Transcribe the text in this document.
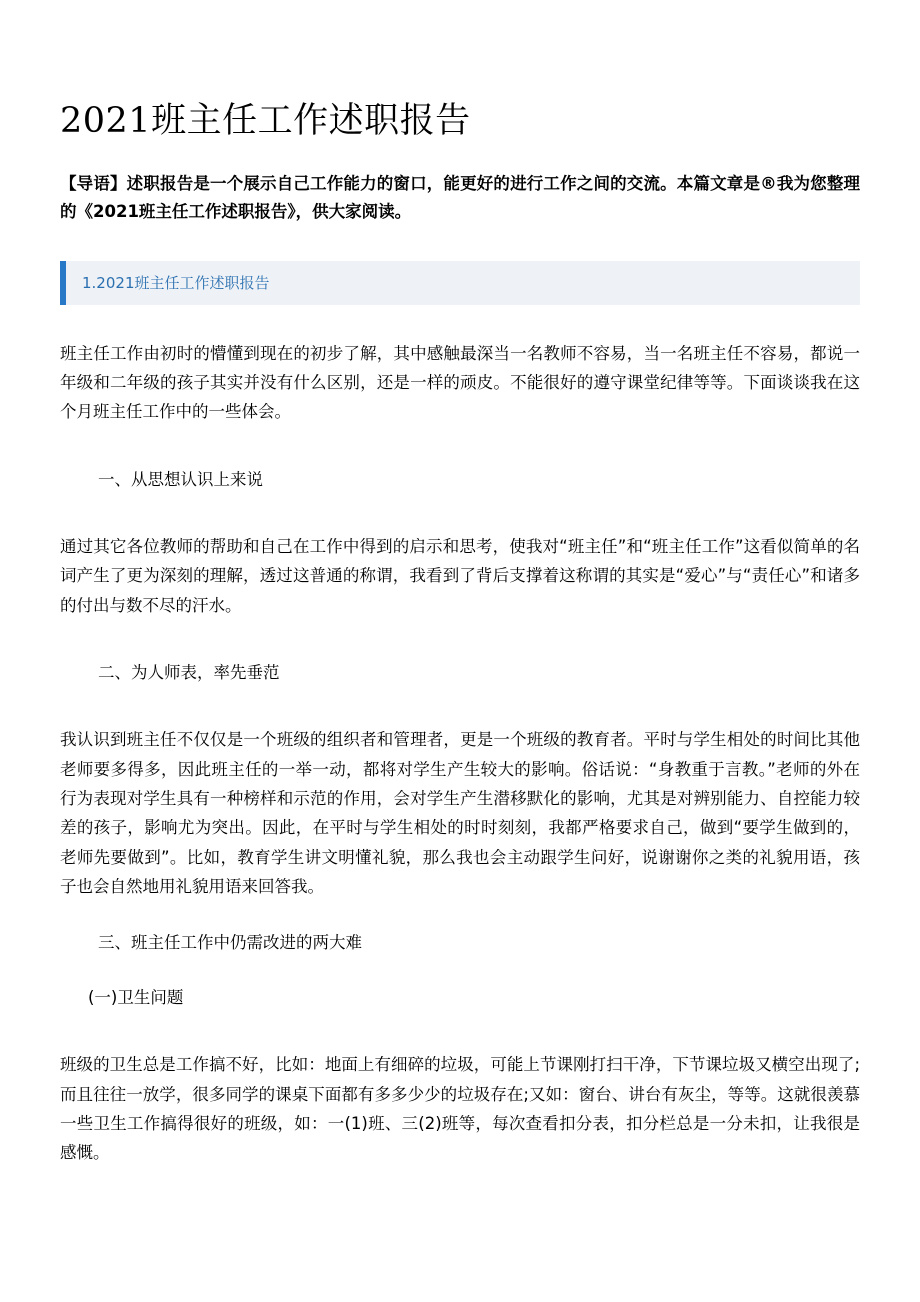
2021班主任工作述职报告

【导语】述职报告是一个展示自己工作能力的窗口，能更好的进行工作之间的交流。本篇文章是®我为您整理的《2021班主任工作述职报告》，供大家阅读。

1.2021班主任工作述职报告

班主任工作由初时的懵懂到现在的初步了解，其中感触最深当一名教师不容易，当一名班主任不容易，都说一年级和二年级的孩子其实并没有什么区别，还是一样的顽皮。不能很好的遵守课堂纪律等等。下面谈谈我在这个月班主任工作中的一些体会。

一、从思想认识上来说

通过其它各位教师的帮助和自己在工作中得到的启示和思考，使我对“班主任”和“班主任工作”这看似简单的名词产生了更为深刻的理解，透过这普通的称谓，我看到了背后支撑着这称谓的其实是“爱心”与“责任心”和诸多的付出与数不尽的汗水。

二、为人师表，率先垂范

我认识到班主任不仅仅是一个班级的组织者和管理者，更是一个班级的教育者。平时与学生相处的时间比其他老师要多得多，因此班主任的一举一动，都将对学生产生较大的影响。俗话说：“身教重于言教。”老师的外在行为表现对学生具有一种榜样和示范的作用，会对学生产生潜移默化的影响，尤其是对辨别能力、自控能力较差的孩子，影响尤为突出。因此，在平时与学生相处的时时刻刻，我都严格要求自己，做到“要学生做到的，老师先要做到”。比如，教育学生讲文明懂礼貌，那么我也会主动跟学生问好，说谢谢你之类的礼貌用语，孩子也会自然地用礼貌用语来回答我。

三、班主任工作中仍需改进的两大难

(一)卫生问题

班级的卫生总是工作搞不好，比如：地面上有细碎的垃圾，可能上节课刚打扫干净，下节课垃圾又横空出现了;而且往往一放学，很多同学的课桌下面都有多多少少的垃圾存在;又如：窗台、讲台有灰尘，等等。这就很羡慕一些卫生工作搞得很好的班级，如：一(1)班、三(2)班等，每次查看扣分表，扣分栏总是一分未扣，让我很是感慨。
